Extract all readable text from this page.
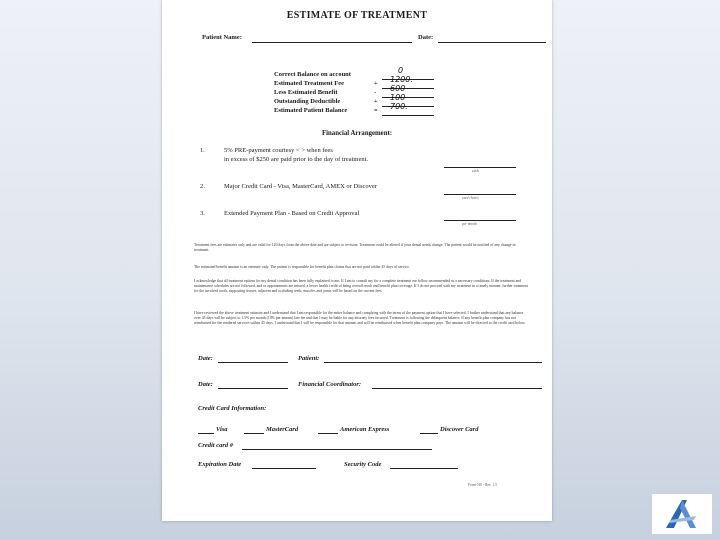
ESTIMATE OF TREATMENT
Patient Name:	Date:
Correct Balance on account	0
Estimated Treatment Fee	+ 1200.
Less Estimated Benefit	- 600
Outstanding Deductible	+ 100
Estimated Patient Balance	= 700.
Financial Arrangement:
1.	5% PRE-payment courtesy < > when fees
in excess of $250 are paid prior to the day of treatment.
cash
2.	Major Credit Card - Visa, MasterCard, AMEX or Discover
card choice
3.	Extended Payment Plan - Based on Credit Approval
per month
Treatment fees are estimates only and are valid for 120 days from the above date and are subject to revision. Treatment could be altered if your dental needs change. The patient would be notified of any change in treatment.
The estimated benefit amount is an estimate only. The patient is responsible for benefit plan claims that are not paid within 45 days of service.
I acknowledge that all treatment options for my dental condition has been fully explained to me. If I am to consult my for a complete treatment are follow recommended as a necessary conditions. If the treatment and maintenance schedules are not followed, and or appointments are missed, a lower health credit of being overall result and benefit plan coverage. If I do not proceed with my treatment in a timely manner, further treatment for the involved tooth, supporting tissues, adjacent and occluding teeth, muscles and joints will be based on the current fees.
I have reviewed the above treatment estimate and I understand that I am responsible for the entire balance and complying with the terms of the payment option that I have selected. I further understand that any balance over 45 days will be subject to 1.5% per month (18% per annum) late fee and that I may be liable for any attorney fees incurred. Treatment is following the delinquent balance. If any benefit plan company has not reimbursed for the rendered services within 45 days, I understand that I will be responsible for that amount and will be reimbursed when benefit plan company pays. The amount will be directed to the credit card below.
Date:	Patient:
Date:	Financial Coordinator:
Credit Card Information:
Visa	MasterCard	American Express	Discover Card
Credit card #
Expiration Date	Security Code
Form 010 - Rev. 1.5
